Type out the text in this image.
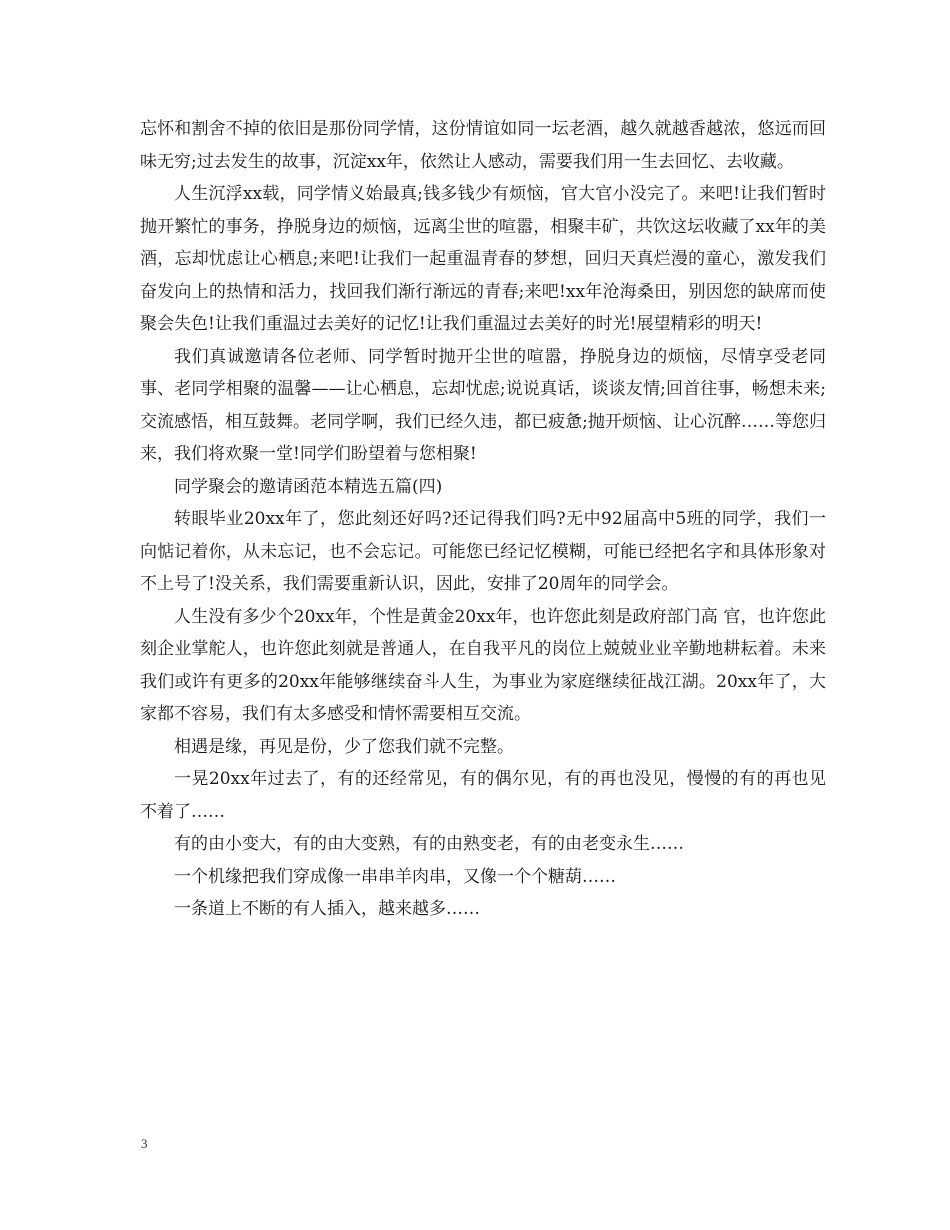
忘怀和割舍不掉的依旧是那份同学情，这份情谊如同一坛老酒，越久就越香越浓，悠远而回味无穷;过去发生的故事，沉淀xx年，依然让人感动，需要我们用一生去回忆、去收藏。

人生沉浮xx载，同学情义始最真;钱多钱少有烦恼，官大官小没完了。来吧!让我们暂时抛开繁忙的事务，挣脱身边的烦恼，远离尘世的喧嚣，相聚丰矿，共饮这坛收藏了xx年的美酒，忘却忧虑让心栖息;来吧!让我们一起重温青春的梦想，回归天真烂漫的童心，激发我们奋发向上的热情和活力，找回我们渐行渐远的青春;来吧!xx年沧海桑田，别因您的缺席而使聚会失色!让我们重温过去美好的记忆!让我们重温过去美好的时光!展望精彩的明天!

我们真诚邀请各位老师、同学暂时抛开尘世的喧嚣，挣脱身边的烦恼，尽情享受老同事、老同学相聚的温馨——让心栖息，忘却忧虑;说说真话，谈谈友情;回首往事，畅想未来;交流感悟，相互鼓舞。老同学啊，我们已经久违，都已疲惫;抛开烦恼、让心沉醉……等您归来，我们将欢聚一堂!同学们盼望着与您相聚!

同学聚会的邀请函范本精选五篇(四)

转眼毕业20xx年了，您此刻还好吗?还记得我们吗?无中92届高中5班的同学，我们一向惦记着你，从未忘记，也不会忘记。可能您已经记忆模糊，可能已经把名字和具体形象对不上号了!没关系，我们需要重新认识，因此，安排了20周年的同学会。

人生没有多少个20xx年，个性是黄金20xx年，也许您此刻是政府部门高 官，也许您此刻企业掌舵人，也许您此刻就是普通人，在自我平凡的岗位上兢兢业业辛勤地耕耘着。未来我们或许有更多的20xx年能够继续奋斗人生，为事业为家庭继续征战江湖。20xx年了，大家都不容易，我们有太多感受和情怀需要相互交流。

相遇是缘，再见是份，少了您我们就不完整。

一晃20xx年过去了，有的还经常见，有的偶尔见，有的再也没见，慢慢的有的再也见不着了……

有的由小变大，有的由大变熟，有的由熟变老，有的由老变永生……

一个机缘把我们穿成像一串串羊肉串，又像一个个糖葫……

一条道上不断的有人插入，越来越多……

3
